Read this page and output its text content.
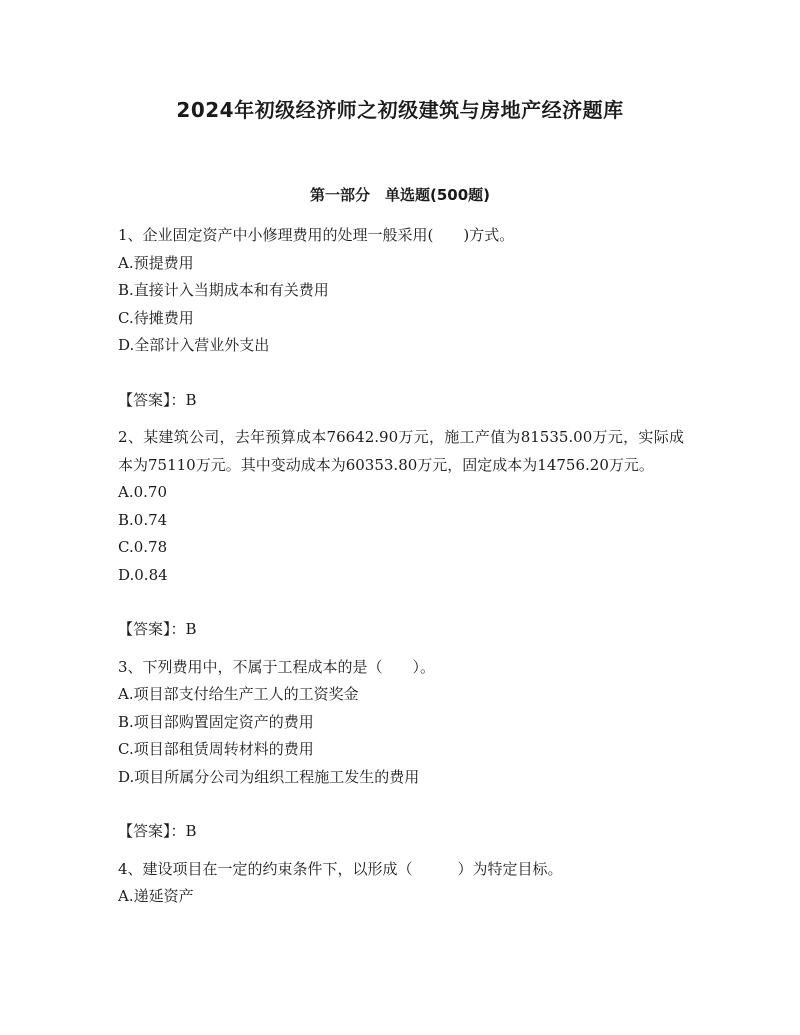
2024年初级经济师之初级建筑与房地产经济题库
第一部分　单选题(500题)

1、企业固定资产中小修理费用的处理一般采用(　　)方式。

A.预提费用

B.直接计入当期成本和有关费用

C.待摊费用

D.全部计入营业外支出

【答案】：B

2、某建筑公司，去年预算成本76642.90万元，施工产值为81535.00万元，实际成本为75110万元。其中变动成本为60353.80万元，固定成本为14756.20万元。

A.0.70

B.0.74

C.0.78

D.0.84

【答案】：B

3、下列费用中，不属于工程成本的是（　　）。

A.项目部支付给生产工人的工资奖金

B.项目部购置固定资产的费用

C.项目部租赁周转材料的费用

D.项目所属分公司为组织工程施工发生的费用

【答案】：B

4、建设项目在一定的约束条件下，以形成（　　　）为特定目标。

A.递延资产
